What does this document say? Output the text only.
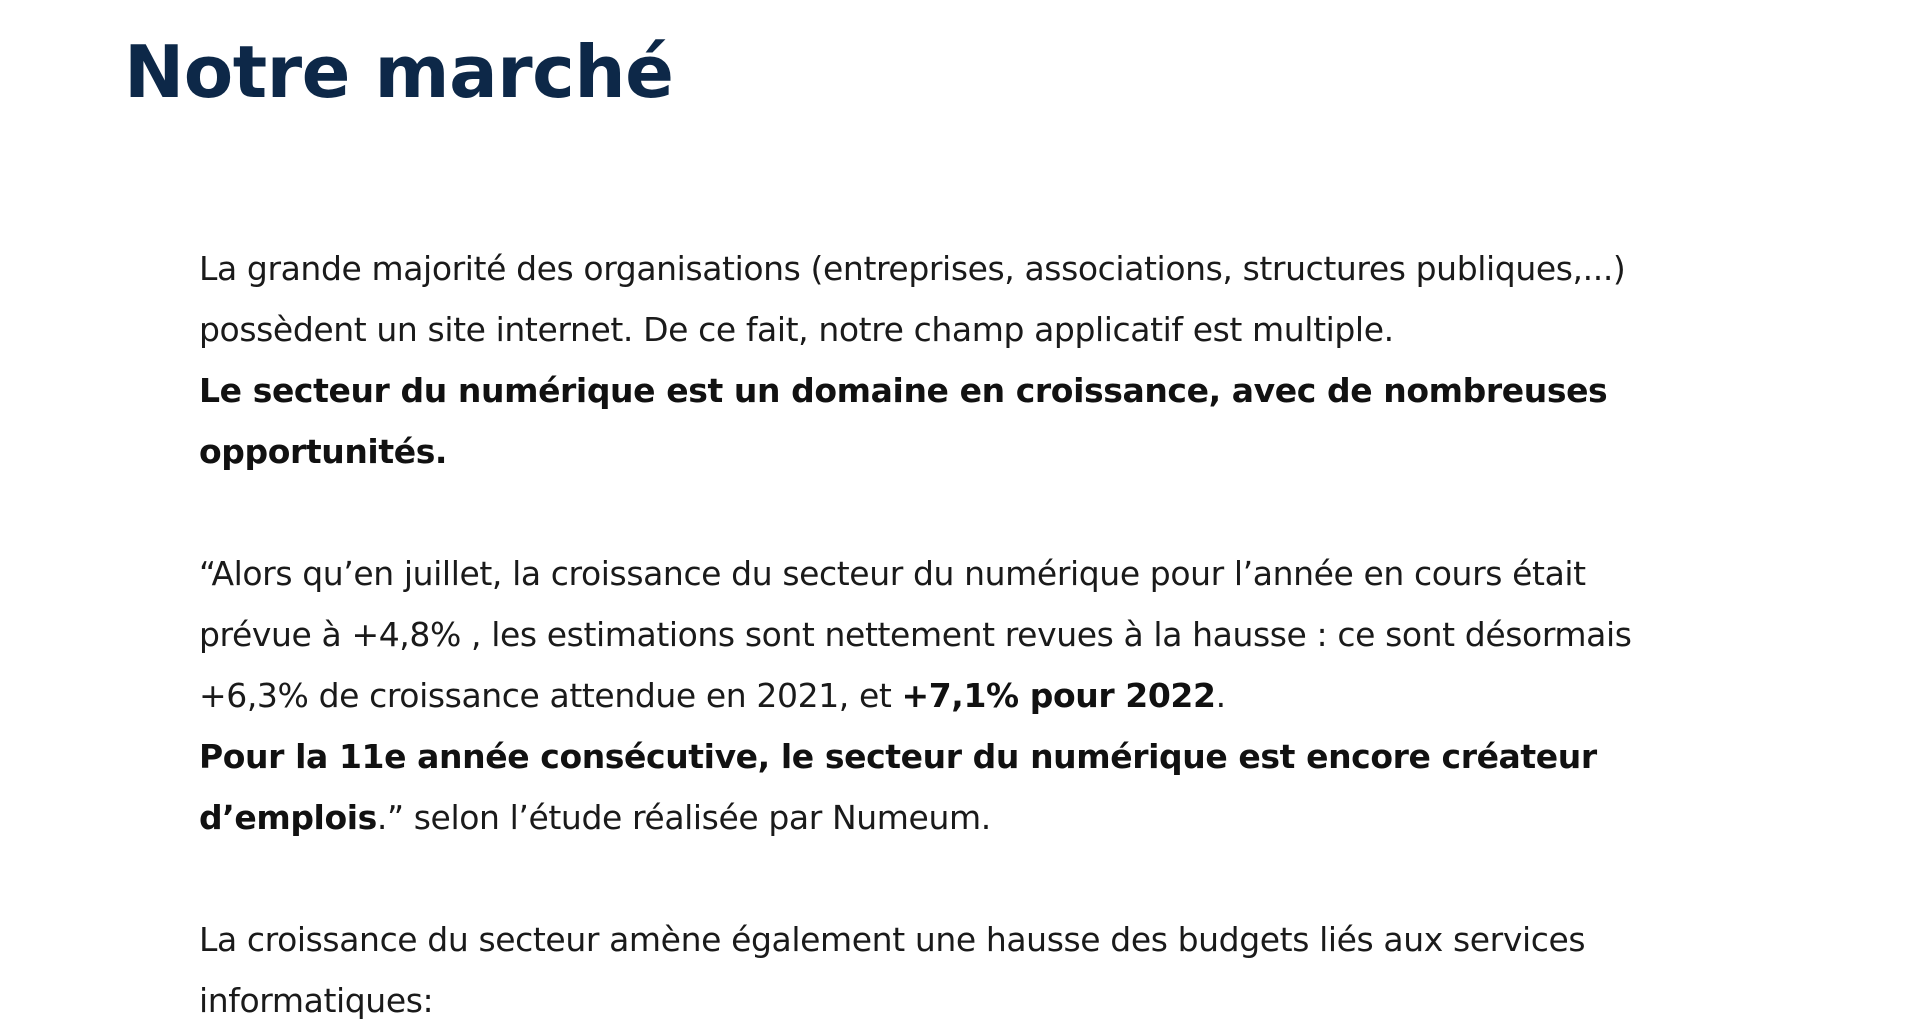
Notre marché
La grande majorité des organisations (entreprises, associations, structures publiques,...)
possèdent un site internet. De ce fait, notre champ applicatif est multiple.
Le secteur du numérique est un domaine en croissance, avec de nombreuses
opportunités.
“Alors qu’en juillet, la croissance du secteur du numérique pour l’année en cours était
prévue à +4,8% , les estimations sont nettement revues à la hausse : ce sont désormais
+6,3% de croissance attendue en 2021, et +7,1% pour 2022.
Pour la 11e année consécutive, le secteur du numérique est encore créateur
d’emplois.” selon l’étude réalisée par Numeum.
La croissance du secteur amène également une hausse des budgets liés aux services
informatiques:
